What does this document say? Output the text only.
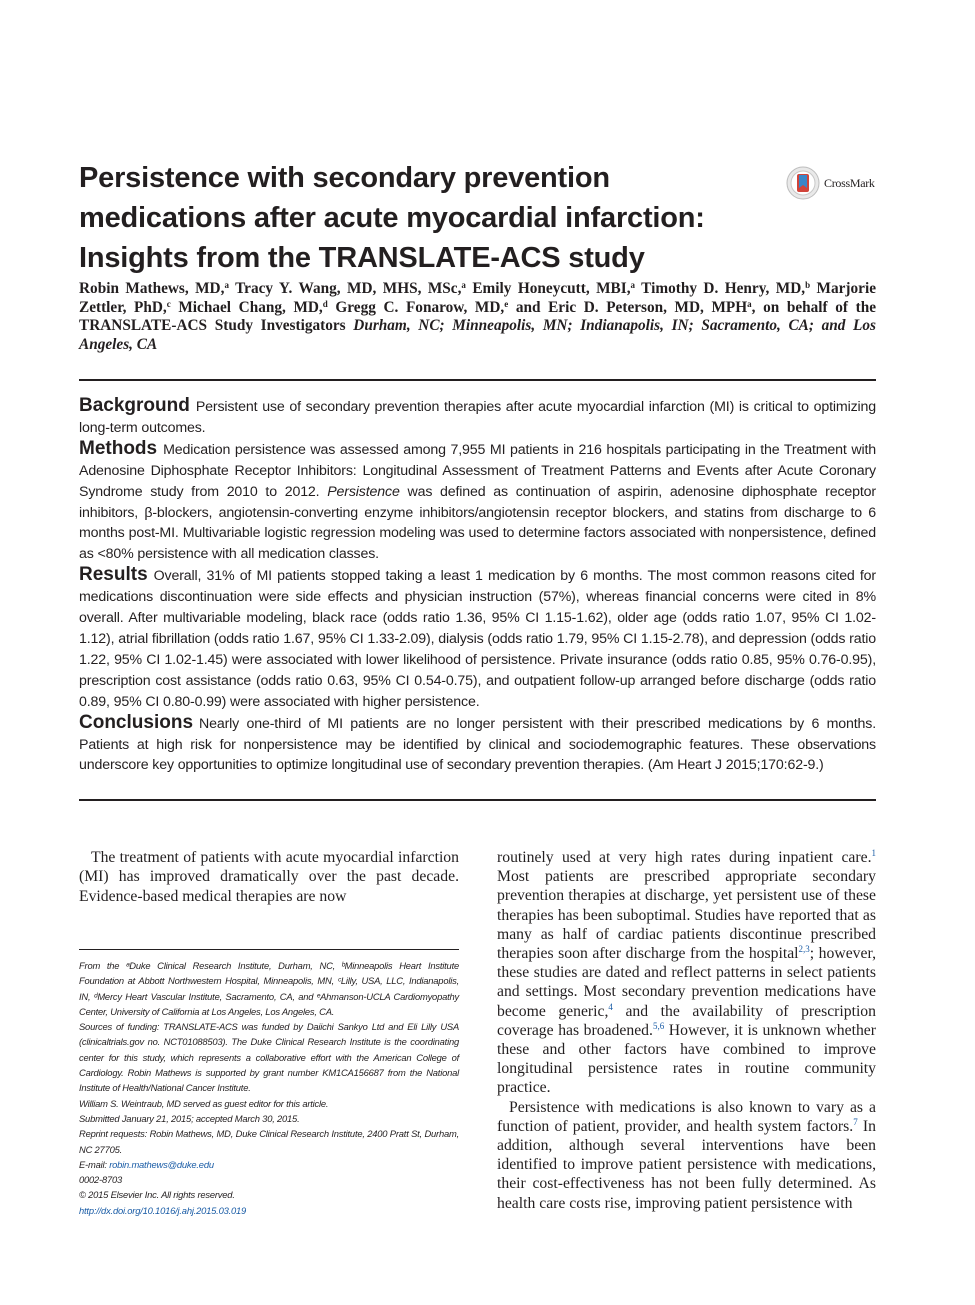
Persistence with secondary prevention medications after acute myocardial infarction: Insights from the TRANSLATE-ACS study
CrossMark
Robin Mathews, MD,$^a$ Tracy Y. Wang, MD, MHS, MSc,$^a$ Emily Honeycutt, MBI,$^a$ Timothy D. Henry, MD,$^b$ Marjorie Zettler, PhD,$^c$ Michael Chang, MD,$^d$ Gregg C. Fonarow, MD,$^e$ and Eric D. Peterson, MD, MPH$^a$, on behalf of the TRANSLATE-ACS Study Investigators Durham, NC; Minneapolis, MN; Indianapolis, IN; Sacramento, CA; and Los Angeles, CA

Background Persistent use of secondary prevention therapies after acute myocardial infarction (MI) is critical to optimizing long-term outcomes.

Methods Medication persistence was assessed among 7,955 MI patients in 216 hospitals participating in the Treatment with Adenosine Diphosphate Receptor Inhibitors: Longitudinal Assessment of Treatment Patterns and Events after Acute Coronary Syndrome study from 2010 to 2012. Persistence was defined as continuation of aspirin, adenosine diphosphate receptor inhibitors, β-blockers, angiotensin-converting enzyme inhibitors/angiotensin receptor blockers, and statins from discharge to 6 months post-MI. Multivariable logistic regression modeling was used to determine factors associated with nonpersistence, defined as <80% persistence with all medication classes.

Results Overall, 31% of MI patients stopped taking a least 1 medication by 6 months. The most common reasons cited for medications discontinuation were side effects and physician instruction (57%), whereas financial concerns were cited in 8% overall. After multivariable modeling, black race (odds ratio 1.36, 95% CI 1.15-1.62), older age (odds ratio 1.07, 95% CI 1.02-1.12), atrial fibrillation (odds ratio 1.67, 95% CI 1.33-2.09), dialysis (odds ratio 1.79, 95% CI 1.15-2.78), and depression (odds ratio 1.22, 95% CI 1.02-1.45) were associated with lower likelihood of persistence. Private insurance (odds ratio 0.85, 95% 0.76-0.95), prescription cost assistance (odds ratio 0.63, 95% CI 0.54-0.75), and outpatient follow-up arranged before discharge (odds ratio 0.89, 95% CI 0.80-0.99) were associated with higher persistence.

Conclusions Nearly one-third of MI patients are no longer persistent with their prescribed medications by 6 months. Patients at high risk for nonpersistence may be identified by clinical and sociodemographic features. These observations underscore key opportunities to optimize longitudinal use of secondary prevention therapies. (Am Heart J 2015;170:62-9.)

The treatment of patients with acute myocardial infarction (MI) has improved dramatically over the past decade. Evidence-based medical therapies are now

From the ᵃDuke Clinical Research Institute, Durham, NC, ᵇMinneapolis Heart Institute Foundation at Abbott Northwestern Hospital, Minneapolis, MN, ᶜLilly, USA, LLC, Indianapolis, IN, ᵈMercy Heart Vascular Institute, Sacramento, CA, and ᵉAhmanson-UCLA Cardiomyopathy Center, University of California at Los Angeles, Los Angeles, CA.

Sources of funding: TRANSLATE-ACS was funded by Daiichi Sankyo Ltd and Eli Lilly USA (clinicaltrials.gov no. NCT01088503). The Duke Clinical Research Institute is the coordinating center for this study, which represents a collaborative effort with the American College of Cardiology. Robin Mathews is supported by grant number KM1CA156687 from the National Institute of Health/National Cancer Institute.

William S. Weintraub, MD served as guest editor for this article.

Submitted January 21, 2015; accepted March 30, 2015.

Reprint requests: Robin Mathews, MD, Duke Clinical Research Institute, 2400 Pratt St, Durham, NC 27705.

E-mail: robin.mathews@duke.edu

0002-8703

© 2015 Elsevier Inc. All rights reserved.

http://dx.doi.org/10.1016/j.ahj.2015.03.019

routinely used at very high rates during inpatient care.$^1$ Most patients are prescribed appropriate secondary prevention therapies at discharge, yet persistent use of these therapies has been suboptimal. Studies have reported that as many as half of cardiac patients discontinue prescribed therapies soon after discharge from the hospital$^{2,3}$; however, these studies are dated and reflect patterns in select patients and settings. Most secondary prevention medications have become generic,$^4$ and the availability of prescription coverage has broadened.$^{5,6}$ However, it is unknown whether these and other factors have combined to improve longitudinal persistence rates in routine community practice.

Persistence with medications is also known to vary as a function of patient, provider, and health system factors.$^7$ In addition, although several interventions have been identified to improve patient persistence with medications, their cost-effectiveness has not been fully determined. As health care costs rise, improving patient persistence with
